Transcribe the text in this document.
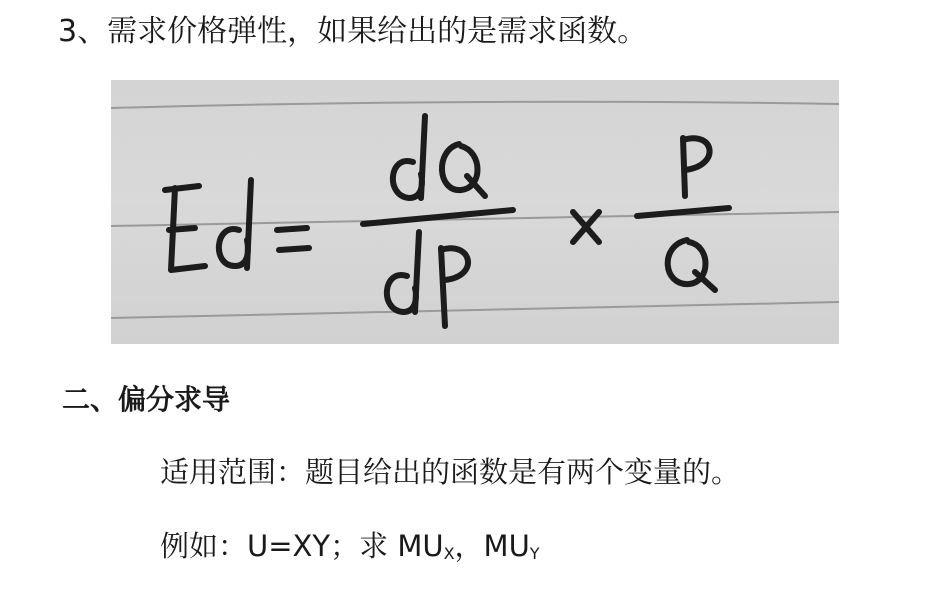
3、需求价格弹性，如果给出的是需求函数。
二、偏分求导
适用范围：题目给出的函数是有两个变量的。
例如：U=XY；求 MUX，MUY
